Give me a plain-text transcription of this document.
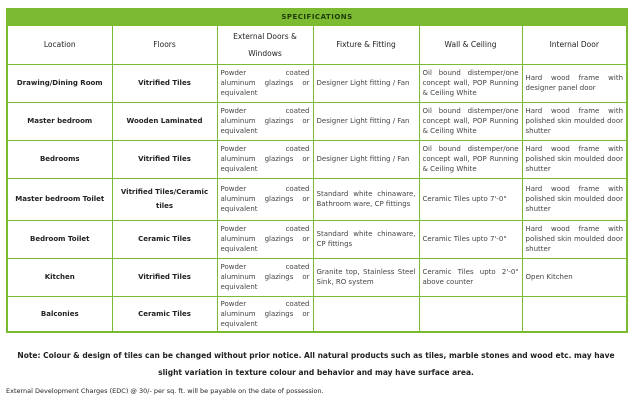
SPECIFICATIONS					
Location	Floors	External Doors & Windows	Fixture & Fitting	Wall & Ceiling	Internal Door
Drawing/Dining Room	Vitrified Tiles	Powder coated aluminum glazings or equivalent	Designer Light fitting / Fan	Oil bound distemper/one concept wall, POP Running & Ceiling White	Hard wood frame with designer panel door
Master bedroom	Wooden Laminated	Powder coated aluminum glazings or equivalent	Designer Light fitting / Fan	Oil bound distemper/one concept wall, POP Running & Ceiling White	Hard wood frame with polished skin moulded door shutter
Bedrooms	Vitrified Tiles	Powder coated aluminum glazings or equivalent	Designer Light fitting / Fan	Oil bound distemper/one concept wall, POP Running & Ceiling White	Hard wood frame with polished skin moulded door shutter
Master bedroom Toilet	Vitrified Tiles/Ceramic tiles	Powder coated aluminum glazings or equivalent	Standard white chinaware, Bathroom ware, CP fittings	Ceramic Tiles upto 7'-0"	Hard wood frame with polished skin moulded door shutter
Bedroom Toilet	Ceramic Tiles	Powder coated aluminum glazings or equivalent	Standard white chinaware, CP fittings	Ceramic Tiles upto 7'-0"	Hard wood frame with polished skin moulded door shutter
Kitchen	Vitrified Tiles	Powder coated aluminum glazings or equivalent	Granite top, Stainless Steel Sink, RO system	Ceramic Tiles upto 2'-0" above counter	Open Kitchen
Balconies	Ceramic Tiles	Powder coated aluminum glazings or equivalent			
Note: Colour & design of tiles can be changed without prior notice. All natural products such as tiles, marble stones and wood etc. may have slight variation in texture colour and behavior and may have surface area.
External Development Charges (EDC) @ 30/- per sq. ft. will be payable on the date of possession.
